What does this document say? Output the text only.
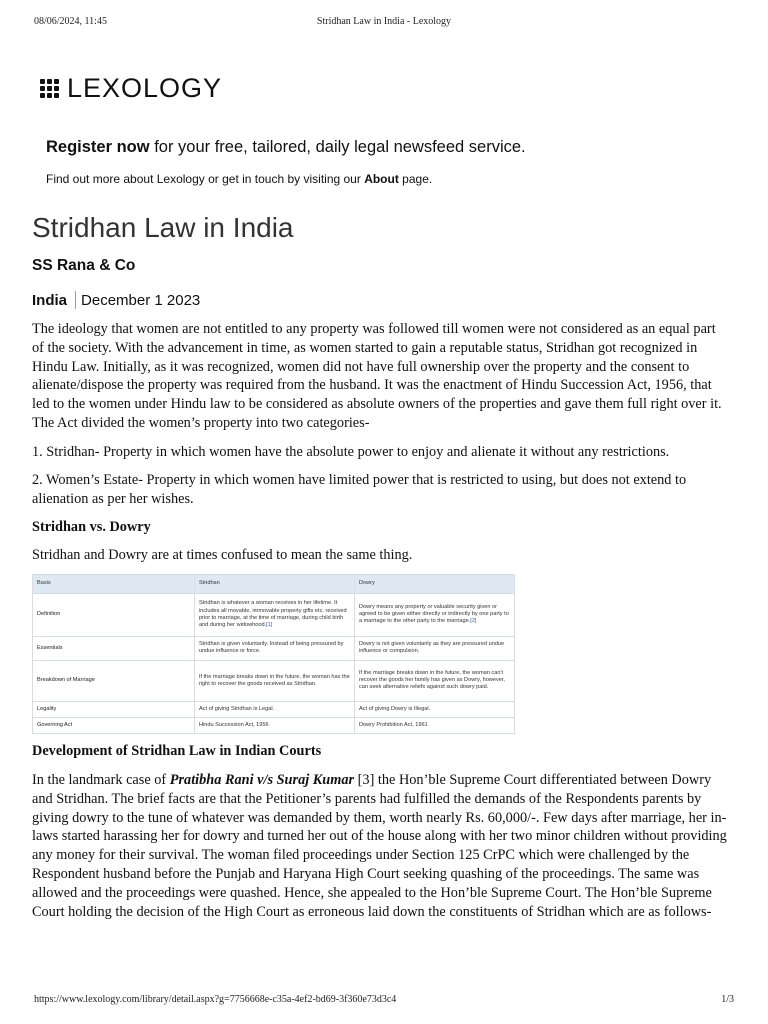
08/06/2024, 11:45	Stridhan Law in India - Lexology
LEXOLOGY
Register now for your free, tailored, daily legal newsfeed service.
Find out more about Lexology or get in touch by visiting our About page.
Stridhan Law in India
SS Rana & Co
India December 1 2023

The ideology that women are not entitled to any property was followed till women were not considered as an equal part of the society. With the advancement in time, as women started to gain a reputable status, Stridhan got recognized in Hindu Law. Initially, as it was recognized, women did not have full ownership over the property and the consent to alienate/dispose the property was required from the husband. It was the enactment of Hindu Succession Act, 1956, that led to the women under Hindu law to be considered as absolute owners of the properties and gave them full right over it. The Act divided the women’s property into two categories-

1. Stridhan- Property in which women have the absolute power to enjoy and alienate it without any restrictions.

2. Women’s Estate- Property in which women have limited power that is restricted to using, but does not extend to alienation as per her wishes.

Stridhan vs. Dowry

Stridhan and Dowry are at times confused to mean the same thing.

Basis	Stridhan	Dowry
Definition	Stridhan is whatever a woman receives in her lifetime. It includes all movable, immovable property gifts etc. received prior to marriage, at the time of marriage, during child birth and during her widowhood.[1]	Dowry means any property or valuable security given or agreed to be given either directly or indirectly by one party to a marriage to the other party to the marriage.[2]
Essentials	Stridhan is given voluntarily. Instead of being pressured by undue influence or force.	Dowry is not given voluntarily as they are pressured undue influence or compulsion.
Breakdown of Marriage	If the marriage breaks down in the future, the woman has the right to recover the goods received as Stridhan.	If the marriage breaks down in the future, the woman can't recover the goods her family has given as Dowry, however, can seek alternative reliefs against such dowry paid.
Legality	Act of giving Stridhan is Legal.	Act of giving Dowry is Illegal.
Governing Act	Hindu Succession Act, 1956	Dowry Prohibition Act, 1961

Development of Stridhan Law in Indian Courts

In the landmark case of Pratibha Rani v/s Suraj Kumar [3] the Hon’ble Supreme Court differentiated between Dowry and Stridhan. The brief facts are that the Petitioner’s parents had fulfilled the demands of the Respondents parents by giving dowry to the tune of whatever was demanded by them, worth nearly Rs. 60,000/-. Few days after marriage, her in-laws started harassing her for dowry and turned her out of the house along with her two minor children without providing any money for their survival. The woman filed proceedings under Section 125 CrPC which were challenged by the Respondent husband before the Punjab and Haryana High Court seeking quashing of the proceedings. The same was allowed and the proceedings were quashed. Hence, she appealed to the Hon’ble Supreme Court. The Hon’ble Supreme Court holding the decision of the High Court as erroneous laid down the constituents of Stridhan which are as follows-

https://www.lexology.com/library/detail.aspx?g=7756668e-c35a-4ef2-bd69-3f360e73d3c4	1/3
